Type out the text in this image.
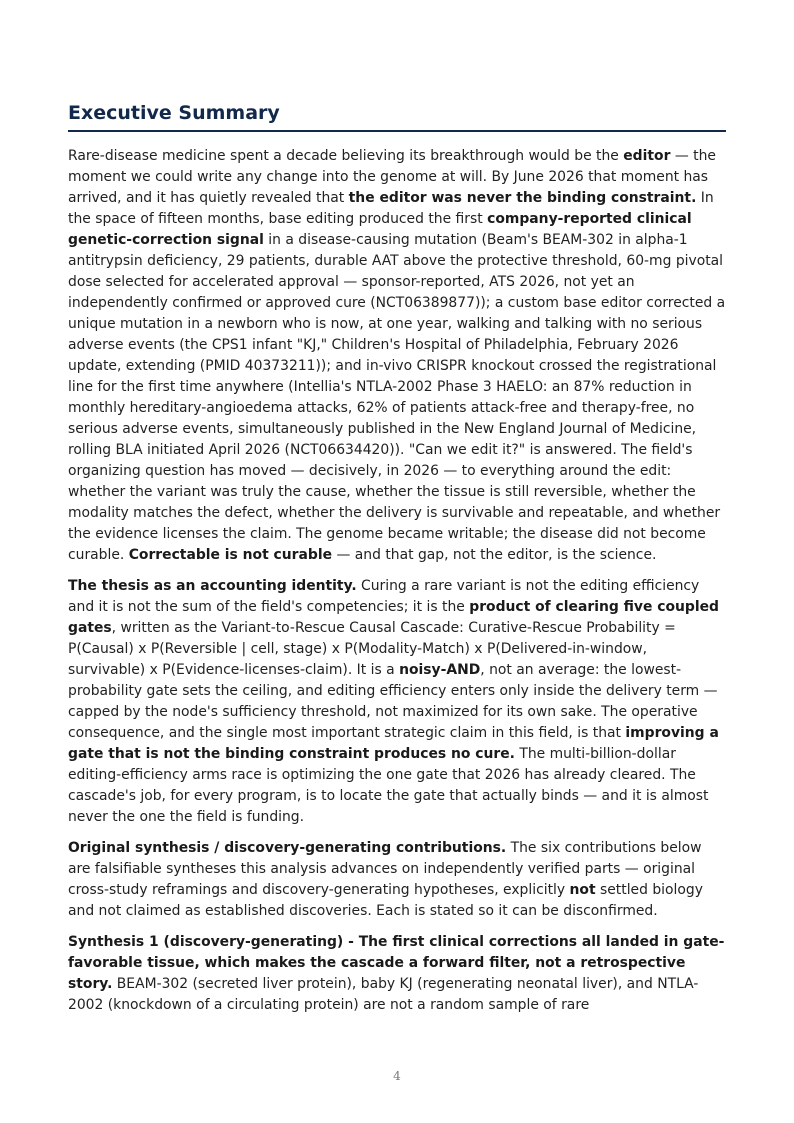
Executive Summary

Rare-disease medicine spent a decade believing its breakthrough would be the editor — the moment we could write any change into the genome at will. By June 2026 that moment has arrived, and it has quietly revealed that the editor was never the binding constraint. In the space of fifteen months, base editing produced the first company-reported clinical genetic-correction signal in a disease-causing mutation (Beam's BEAM-302 in alpha-1 antitrypsin deficiency, 29 patients, durable AAT above the protective threshold, 60-mg pivotal dose selected for accelerated approval — sponsor-reported, ATS 2026, not yet an independently confirmed or approved cure (NCT06389877)); a custom base editor corrected a unique mutation in a newborn who is now, at one year, walking and talking with no serious adverse events (the CPS1 infant "KJ," Children's Hospital of Philadelphia, February 2026 update, extending (PMID 40373211)); and in-vivo CRISPR knockout crossed the registrational line for the first time anywhere (Intellia's NTLA-2002 Phase 3 HAELO: an 87% reduction in monthly hereditary-angioedema attacks, 62% of patients attack-free and therapy-free, no serious adverse events, simultaneously published in the New England Journal of Medicine, rolling BLA initiated April 2026 (NCT06634420)). "Can we edit it?" is answered. The field's organizing question has moved — decisively, in 2026 — to everything around the edit: whether the variant was truly the cause, whether the tissue is still reversible, whether the modality matches the defect, whether the delivery is survivable and repeatable, and whether the evidence licenses the claim. The genome became writable; the disease did not become curable. Correctable is not curable — and that gap, not the editor, is the science.

The thesis as an accounting identity. Curing a rare variant is not the editing efficiency and it is not the sum of the field's competencies; it is the product of clearing five coupled gates, written as the Variant-to-Rescue Causal Cascade: Curative-Rescue Probability = P(Causal) x P(Reversible | cell, stage) x P(Modality-Match) x P(Delivered-in-window, survivable) x P(Evidence-licenses-claim). It is a noisy-AND, not an average: the lowest-probability gate sets the ceiling, and editing efficiency enters only inside the delivery term — capped by the node's sufficiency threshold, not maximized for its own sake. The operative consequence, and the single most important strategic claim in this field, is that improving a gate that is not the binding constraint produces no cure. The multi-billion-dollar editing-efficiency arms race is optimizing the one gate that 2026 has already cleared. The cascade's job, for every program, is to locate the gate that actually binds — and it is almost never the one the field is funding.

Original synthesis / discovery-generating contributions. The six contributions below are falsifiable syntheses this analysis advances on independently verified parts — original cross-study reframings and discovery-generating hypotheses, explicitly not settled biology and not claimed as established discoveries. Each is stated so it can be disconfirmed.

Synthesis 1 (discovery-generating) - The first clinical corrections all landed in gate-favorable tissue, which makes the cascade a forward filter, not a retrospective story. BEAM-302 (secreted liver protein), baby KJ (regenerating neonatal liver), and NTLA-2002 (knockdown of a circulating protein) are not a random sample of rare

4
